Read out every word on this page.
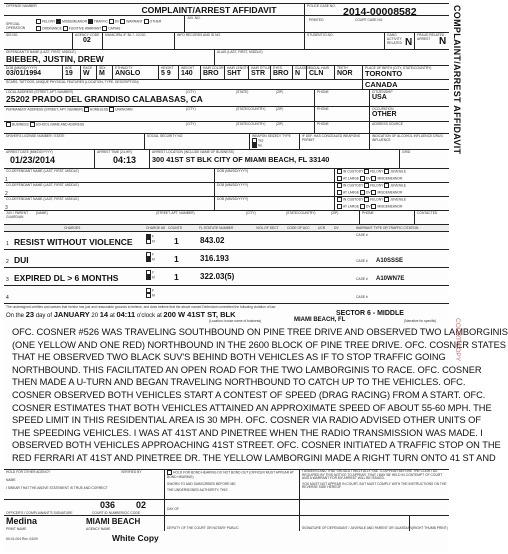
OFFENSE NUMBER	COMPLAINT/ARREST AFFIDAVIT	POLICE CASE NO.
SPECIAL OPERATION
FELONY MISDEMEANOR TRAFFIC DV WARRANT OTHER
ORDINANCE FUGITIVE WARRANT CAPIAS
JUV. NO.	2014-00008582
PRINTED	COURT CASE NO.
IDS NO.	AGENCY CODE
02
MUNICIPAL IF 36-7- 10 NO.	INFO RECORDS AND ID NO.	STUDENT ID NO.	GANG ACTIVITY RELATED N
FRAUD RELATED ARREST N
DEFENDANT'S NAME (LAST, FIRST, MIDDLE)
BIEBER, JUSTIN, DREW
ALIAS (LAST, FIRST, MIDDLE)
DOB (MM/DD/YYYY)
03/01/1994
AGE
19
RACE
W
SEX
M
ETHNICITY
ANGLO
HEIGHT
5 9
WEIGHT
140
HAIR COLOR
BRO
HAIR LENGTH
SHT
HAIR STYLE
STR
EYES
BRO
GLASSES
N
FACIAL HAIR
CLN
TEETH
NOR
PLACE OF BIRTH (CITY, STATE/COUNTRY)
TORONTO
SCARS, TATTOOS, UNIQUE PHYSICAL FEATURES (LOCATION, TYPE, DESCRIPTION)	CANADA
LOCAL ADDRESS (STREET, APT. NUMBER)
25202 PRADO DEL GRANDISO CALABASAS, CA
(CITY)	(STATE)	(ZIP)	PHONE	CITIZENSHIP
USA
PERMANENT ADDRESS (STREET, APT. NUMBER) HOMELESS UNKNOWN	(CITY)	(STATE/COUNTRY)	(ZIP)	PHONE	OCCUPATION
OTHER
BUSINESS SCHOOL NAME AND ADDRESS	(CITY)	(STATE/COUNTRY)	(ZIP)	PHONE	ADDRESS SOURCE
DRIVER'S LICENSE NUMBER / STATE	SOCIAL SECURITY NO.	WEAPON SEIZED? TYPE
Yes
No
IF DEF. HAS CONCEALED WEAPONS PERMIT
INDICATION OF ALCOHOL INFLUENCE DRUG INFLUENCE
ARREST DATE (MM/DD/YYYY)
01/23/2014
ARREST TIME (24-HR)
04:13
ARREST LOCATION (INCLUDE NAME OF BUSINESS)
300 41ST ST BLK CITY OF MIAMI BEACH, FL 33140
GRID
CO-DEFENDANT NAME (LAST, FIRST, MIDDLE)
1
DOB (MM/DD/YYYY)	IN CUSTODY FELONY JUVENILE
AT LARGE DV MISDEMEANOR
CO-DEFENDANT NAME (LAST, FIRST, MIDDLE)
2
DOB (MM/DD/YYYY)	IN CUSTODY FELONY JUVENILE
AT LARGE DV MISDEMEANOR
CO-DEFENDANT NAME (LAST, FIRST, MIDDLE)
3
DOB (MM/DD/YYYY)	IN CUSTODY FELONY JUVENILE
AT LARGE DV MISDEMEANOR
JUV / PARENT GUARDIAN
(NAME)	(STREET, APT. NUMBER)	(CITY)	(STATE/COUNTRY)	(ZIP)	PHONE	CONTACTED
CHARGES	CHARGE AS COUNTS	FL STATUTE NUMBER	VIOL OF SECT	CODE OF ACC	UCR	DV	WARRANT TYPE OR TRAFFIC CITATION
1 RESIST WITHOUT VIOLENCE
F
M 1	843.02
CASE #
2 DUI
F
M 1	316.193	CASE # A10SSSE
3 EXPIRED DL > 6 MONTHS
F
M 1	322.03(5)	CASE # A10WN7E
4
F
M	CASE #
The undersigned certifies and swears that he/she has just and reasonable grounds to believe, and does believe that the above named Defendant committed the following violation of law
On the 23 day of JANUARY 20 14 at 04:11 o'clock at 200 W 41ST ST, BLK	SECTOR 6 - MIDDLE
(Location: house name of business)	MIAMI BEACH, FL	(Narrative for specific)
OFC. COSNER #526 WAS TRAVELING SOUTHBOUND ON PINE TREE DRIVE AND OBSERVED TWO LAMBORGINIS
(ONE YELLOW AND ONE RED) NORTHBOUND IN THE 2600 BLOCK OF PINE TREE DRIVE. OFC. COSNER STATES
THAT HE OBSERVED TWO BLACK SUV'S BEHIND BOTH VEHICLES AS IF TO STOP TRAFFIC GOING
NORTHBOUND. THIS FACILITATED AN OPEN ROAD FOR THE TWO LAMBORGINIS TO RACE. OFC. COSNER
THEN MADE A U-TURN AND BEGAN TRAVELING NORTHBOUND TO CATCH UP TO THE VEHICLES. OFC.
COSNER OBSERVED BOTH VEHICLES START A CONTEST OF SPEED (DRAG RACING) FROM A START. OFC.
COSNER ESTIMATES THAT BOTH VEHICLES ATTAINED AN APPROXIMATE SPEED OF ABOUT 55-60 MPH. THE
SPEED LIMIT IN THIS RESIDENTIAL AREA IS 30 MPH. OFC. COSNER VIA RADIO ADVISED OTHER UNITS OF
THE SPEEDING VEHICLES. I WAS AT 41ST AND PINETREE WHEN THE RADIO TRANSMISSION WAS MADE. I
OBSERVED BOTH VEHICLES APPROACHING 41ST STREET. OFC. COSNER INITIATED A TRAFFIC STOP ON THE
RED FERRARI AT 41ST AND PINETREE DR. THE YELLOW LAMBORGINI MADE A RIGHT TURN ONTO 41 ST AND
HOLD FOR OTHER AGENCY
NAME
I SWEAR THAT THE ABOVE STATEMENT IS TRUE AND CORRECT
VERIFIED BY	HOLD FOR BOND HEARING DO NOT BOND OUT (OFFICER MUST APPEAR AT BOND HEARING)
SWORN TO AND SUBSCRIBED BEFORE ME,
THE UNDERSIGNED AUTHORITY, THIS
I UNDERSTAND THAT SHOULD I WILLFULLY FAIL TO APPEAR BEFORE THE COURT AS REQUIRED BY THIS NOTICE TO APPEAR, THAT I MAY BE HELD IN CONTEMPT OF COURT AND A WARRANT FOR MY ARREST WILL BE ISSUED.
YOU MUST NOT APPEAR IN COURT, BUT MUST COMPLY WITH THE INSTRUCTIONS ON THE REVERSE SIDE HEREOF
036 02
OFFICER'S / COMPLAINANT'S SIGNATURE	COURT ID NUMBER/CIC CODE
DAY OF
Medina
PRINT NAME
MIAMI BEACH
AGENCY NAME	DEPUTY OF THE COURT OR NOTARY PUBLIC	SIGNATURE OF DEFENDANT / JUVENILE AND PARENT OR GUARDIAN (RIGHT THUMB PRINT)
50-01-004 Rev. 04/09	White Copy
COMPLAINT/ARREST AFFIDAVIT
COURT COPY
